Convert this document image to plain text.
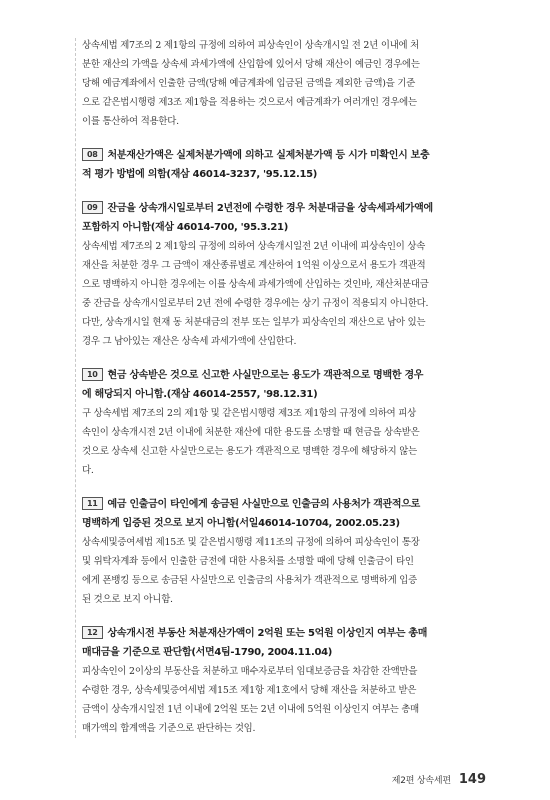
상속세법 제7조의 2 제1항의 규정에 의하여 피상속인이 상속개시일 전 2년 이내에 처
분한 재산의 가액을 상속세 과세가액에 산입함에 있어서 당해 재산이 예금인 경우에는
당해 예금계좌에서 인출한 금액(당해 예금계좌에 입금된 금액을 제외한 금액)을 기준
으로 같은법시행령 제3조 제1항을 적용하는 것으로서 예금계좌가 여러개인 경우에는
이를 통산하여 적용한다.

08 처분재산가액은 실제처분가액에 의하고 실제처분가액 등 시가 미확인시 보충
적 평가 방법에 의함(재삼 46014-3237, '95.12.15)

09 잔금을 상속개시일로부터 2년전에 수령한 경우 처분대금을 상속세과세가액에
포함하지 아니함(재삼 46014-700, '95.3.21)

상속세법 제7조의 2 제1항의 규정에 의하여 상속개시일전 2년 이내에 피상속인이 상속
재산을 처분한 경우 그 금액이 재산종류별로 계산하여 1억원 이상으로서 용도가 객관적
으로 명백하지 아니한 경우에는 이를 상속세 과세가액에 산입하는 것인바, 재산처분대금
중 잔금을 상속개시일로부터 2년 전에 수령한 경우에는 상기 규정이 적용되지 아니한다.
다만, 상속개시일 현재 동 처분대금의 전부 또는 일부가 피상속인의 재산으로 남아 있는
경우 그 남아있는 재산은 상속세 과세가액에 산입한다.

10 현금 상속받은 것으로 신고한 사실만으로는 용도가 객관적으로 명백한 경우
에 해당되지 아니함.(재삼 46014-2557, '98.12.31)

구 상속세법 제7조의 2의 제1항 및 같은법시행령 제3조 제1항의 규정에 의하여 피상
속인이 상속개시전 2년 이내에 처분한 재산에 대한 용도를 소명할 때 현금을 상속받은
것으로 상속세 신고한 사실만으로는 용도가 객관적으로 명백한 경우에 해당하지 않는
다.

11 예금 인출금이 타인에게 송금된 사실만으로 인출금의 사용처가 객관적으로
명백하게 입증된 것으로 보지 아니함(서일46014-10704, 2002.05.23)

상속세및증여세법 제15조 및 같은법시행령 제11조의 규정에 의하여 피상속인이 통장
및 위탁자계좌 등에서 인출한 금전에 대한 사용처를 소명할 때에 당해 인출금이 타인
에게 폰뱅킹 등으로 송금된 사실만으로 인출금의 사용처가 객관적으로 명백하게 입증
된 것으로 보지 아니함.

12 상속개시전 부동산 처분재산가액이 2억원 또는 5억원 이상인지 여부는 총매
매대금을 기준으로 판단함(서면4팀-1790, 2004.11.04)

피상속인이 2이상의 부동산을 처분하고 매수자로부터 임대보증금을 차감한 잔액만을
수령한 경우, 상속세및증여세법 제15조 제1항 제1호에서 당해 재산을 처분하고 받은
금액이 상속개시일전 1년 이내에 2억원 또는 2년 이내에 5억원 이상인지 여부는 총매
매가액의 합계액을 기준으로 판단하는 것임.

제2편 상속세편 149
